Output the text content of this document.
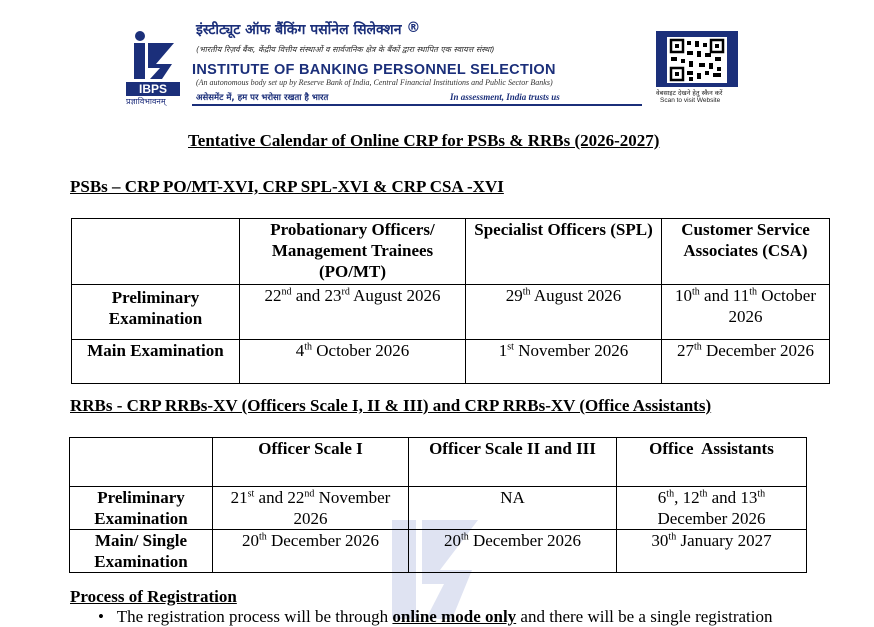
IBPS
प्रज्ञाविभावनम्
इंस्टीट्यूट ऑफ बैंकिंग पर्सोनेल सिलेक्शन ®
(भारतीय रिज़र्व बैंक, केंद्रीय वित्तीय संस्थाओं व सार्वजनिक क्षेत्र के बैंकों द्वारा स्थापित एक स्वायत्त संस्था)
INSTITUTE OF BANKING PERSONNEL SELECTION
(An autonomous body set up by Reserve Bank of India, Central Financial Institutions and Public Sector Banks)
असेसमेंट में, हम पर भरोसा रखता है भारत	In assessment, India trusts us	वेबसाइट देखने हेतु स्कैन करें
Scan to visit Website
Tentative Calendar of Online CRP for PSBs & RRBs (2026-2027)
PSBs – CRP PO/MT-XVI, CRP SPL-XVI & CRP CSA -XVI
	Probationary Officers/ Management Trainees (PO/MT)	Specialist Officers (SPL)	Customer Service Associates (CSA)
Preliminary Examination	22nd and 23rd August 2026	29th August 2026	10th and 11th October 2026
Main Examination	4th October 2026	1st November 2026	27th December 2026
RRBs - CRP RRBs-XV (Officers Scale I, II & III) and CRP RRBs-XV (Office Assistants)
	Officer Scale I	Officer Scale II and III	Office  Assistants
Preliminary Examination	21st and 22nd November 2026	NA	6th, 12th and 13th December 2026
Main/ Single Examination	20th December 2026	20th December 2026	30th January 2027
Process of Registration
•   The registration process will be through online mode only and there will be a single registration
